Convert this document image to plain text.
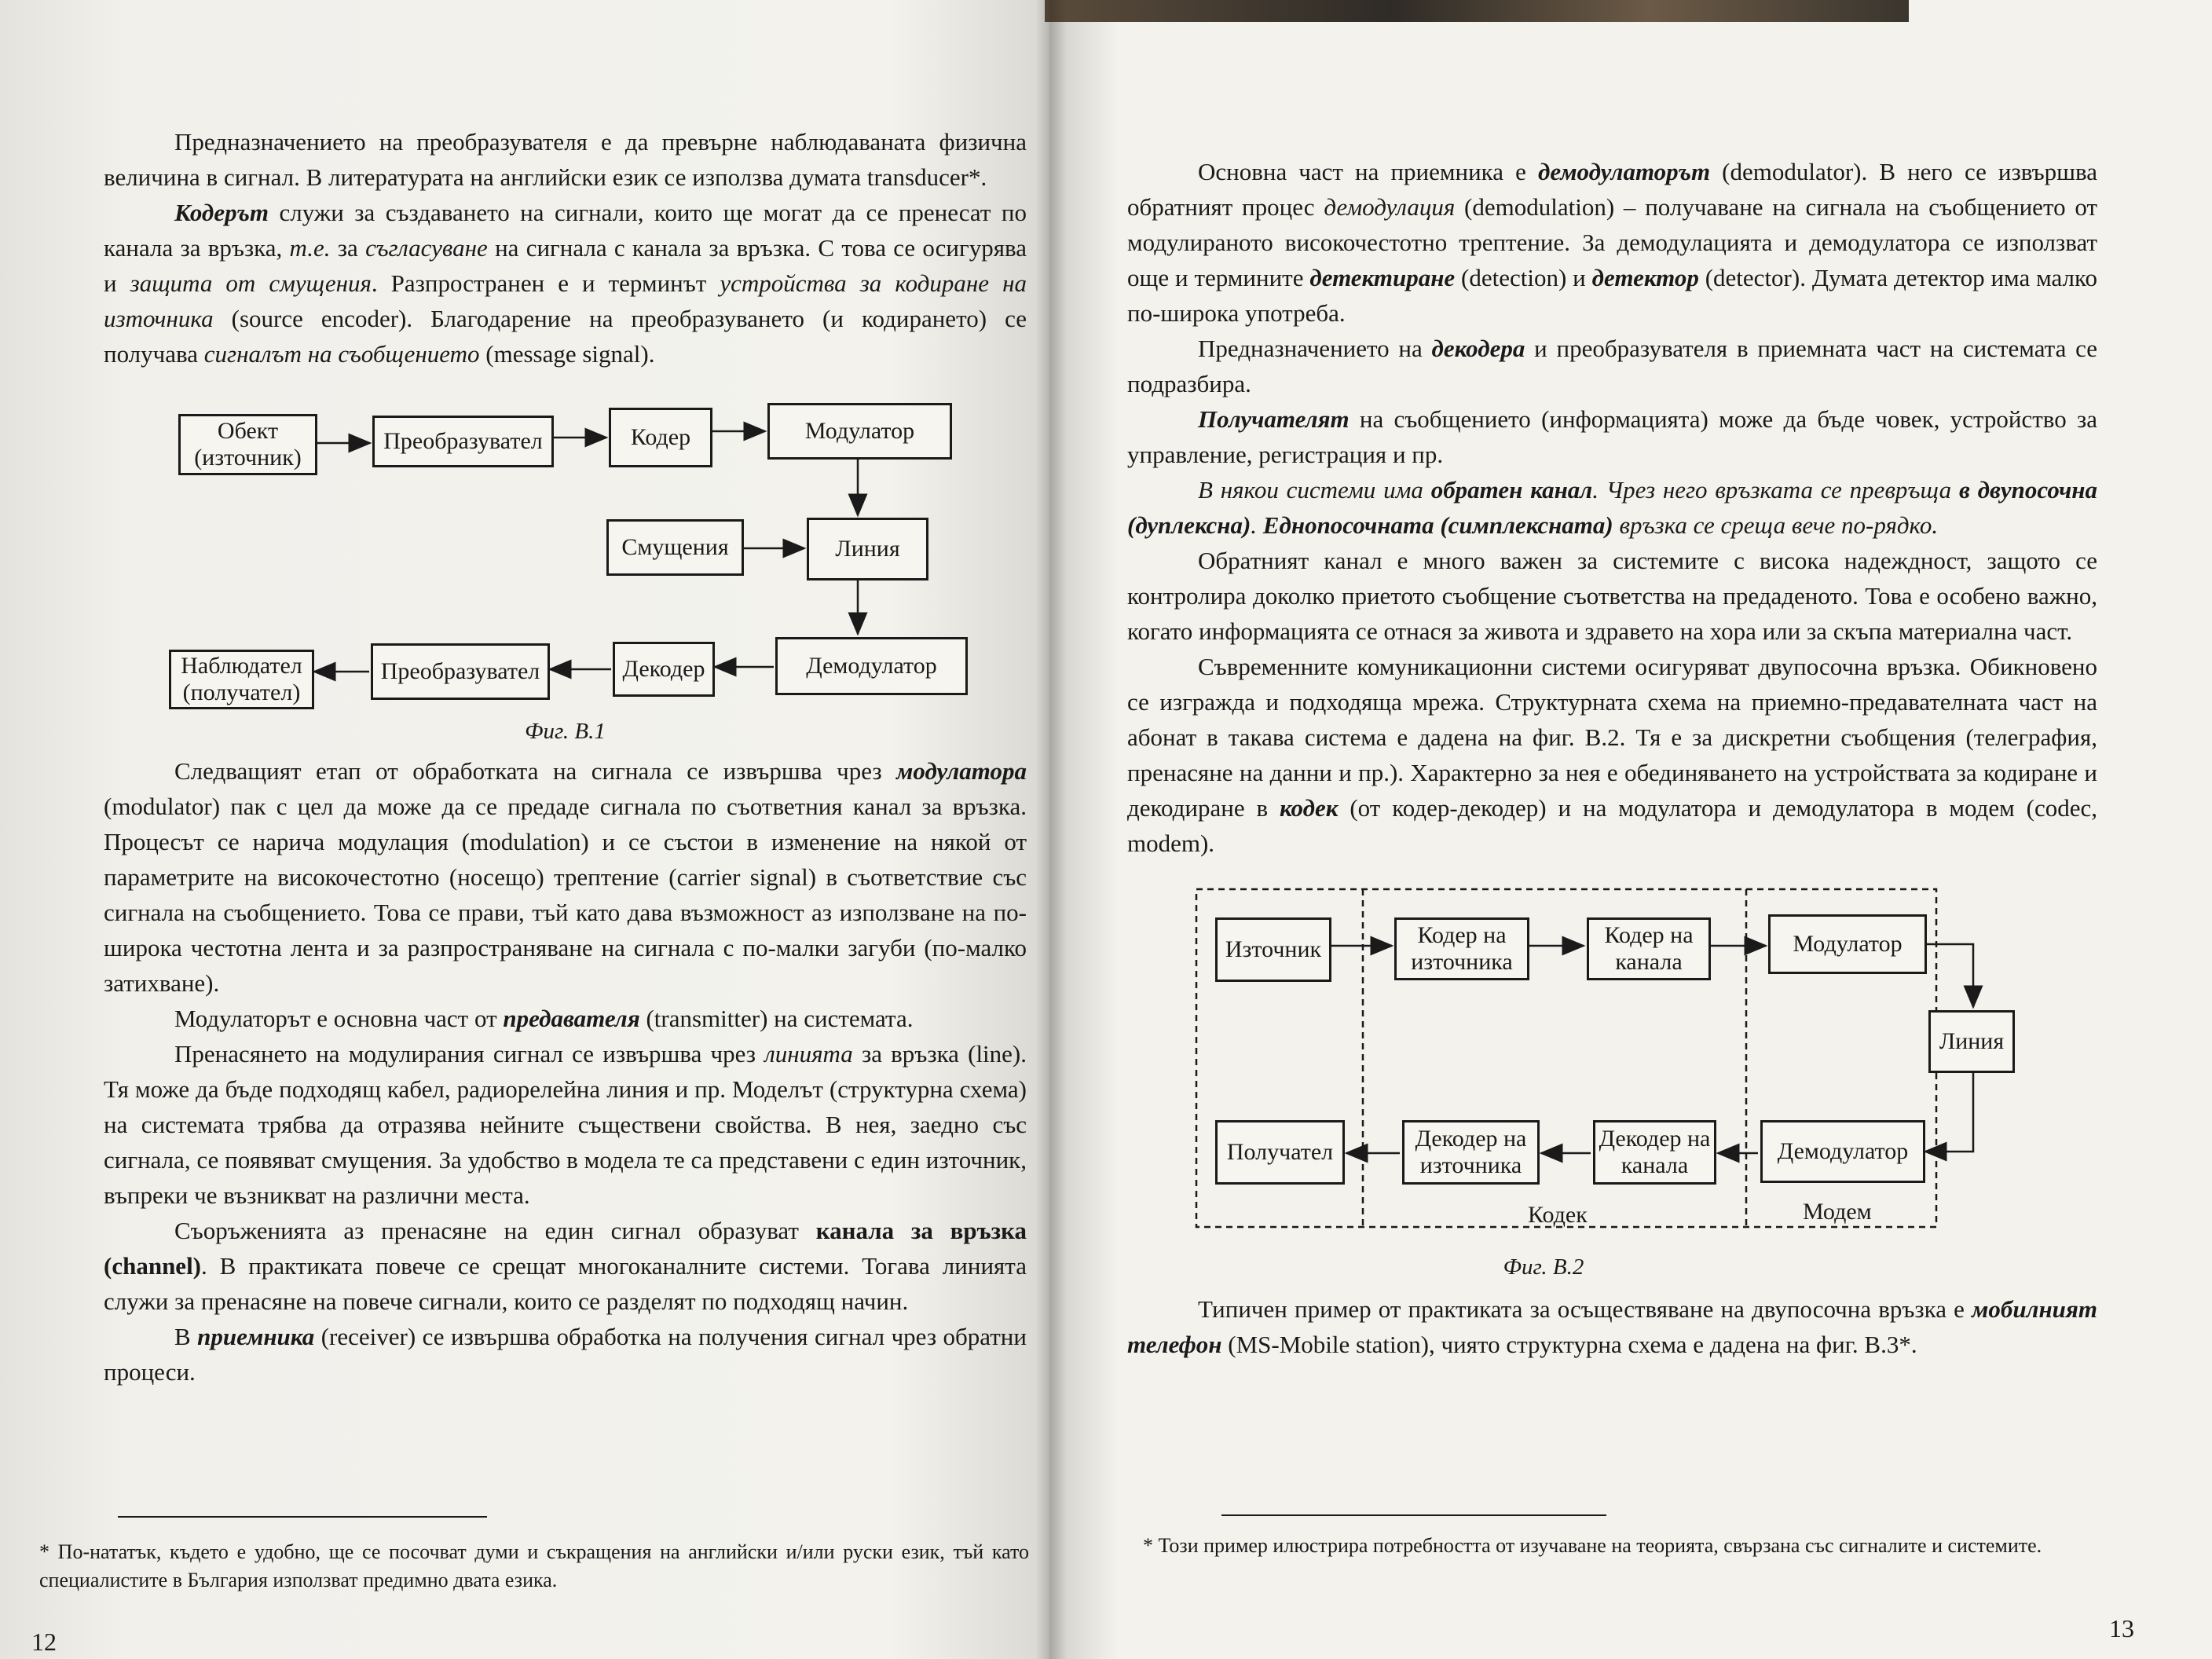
Предназначението на преобразувателя е да превърне наблюдаваната физична величина в сигнал. В литературата на английски език се използва думата transducer*.

Кодерът служи за създаването на сигнали, които ще могат да се пренесат по канала за връзка, т.е. за съгласуване на сигнала с канала за връзка. С това се осигурява и защита от смущения. Разпространен е и терминът устройства за кодиране на източника (source encoder). Благодарение на преобразуването (и кодирането) се получава сигналът на съобщението (message signal).

Обект (източник)
Преобразувател	Кодер	Модулатор
Смущения	Линия
Демодулатор
Декодер
Преобразувател
Наблюдател (получател)
Фиг. В.1

Следващият етап от обработката на сигнала се извършва чрез модулатора (modulator) пак с цел да може да се предаде сигнала по съответния канал за връзка. Процесът се нарича модулация (modulation) и се състои в изменение на някой от параметрите на високочестотно (носещо) трептение (carrier signal) в съответствие със сигнала на съобщението. Това се прави, тъй като дава възможност аз използване на по-широка честотна лента и за разпространяване на сигнала с по-малки загуби (по-малко затихване).

Модулаторът е основна част от предавателя (transmitter) на системата.

Пренасянето на модулирания сигнал се извършва чрез линията за връзка (line). Тя може да бъде подходящ кабел, радиорелейна линия и пр. Моделът (структурна схема) на системата трябва да отразява нейните съществени свойства. В нея, заедно със сигнала, се появяват смущения. За удобство в модела те са представени с един източник, въпреки че възникват на различни места.

Съоръженията аз пренасяне на един сигнал образуват канала за връзка (channel). В практиката повече се срещат многоканалните системи. Тогава линията служи за пренасяне на повече сигнали, които се разделят по подходящ начин.

В приемника (receiver) се извършва обработка на получения сигнал чрез обратни процеси.

* По-нататък, където е удобно, ще се посочват думи и съкращения на английски и/или руски език, тъй като специалистите в България използват предимно двата езика.
12

Основна част на приемника е демодулаторът (demodulator). В него се извършва обратният процес демодулация (demodulation) – получаване на сигнала на съобщението от модулираното високочестотно трептение. За демодулацията и демодулатора се използват още и термините детектиране (detection) и детектор (detector). Думата детектор има малко по-широка употреба.

Предназначението на декодера и преобразувателя в приемната част на системата се подразбира.

Получателят на съобщението (информацията) може да бъде човек, устройство за управление, регистрация и пр.

В някои системи има обратен канал. Чрез него връзката се превръща в двупосочна (дуплексна). Еднопосочната (симплексната) връзка се среща вече по-рядко.

Обратният канал е много важен за системите с висока надеждност, защото се контролира доколко приетото съобщение съответства на предаденото. Това е особено важно, когато информацията се отнася за живота и здравето на хора или за скъпа материална част.

Съвременните комуникационни системи осигуряват двупосочна връзка. Обикновено се изгражда и подходяща мрежа. Структурната схема на приемно-предавателната част на абонат в такава система е дадена на фиг. В.2. Тя е за дискретни съобщения (телеграфия, пренасяне на данни и пр.). Характерно за нея е обединяването на устройствата за кодиране и декодиране в кодек (от кодер-декодер) и на модулатора и демодулатора в модем (codec, modem).

Източник
Кодер на източника
Кодер на канала
Модулатор
Линия
Получател
Декодер на източника
Декодер на канала
Демодулатор
Кодек	Модем
Фиг. В.2

Типичен пример от практиката за осъществяване на двупосочна връзка е мобилният телефон (MS-Mobile station), чиято структурна схема е дадена на фиг. В.3*.

* Този пример илюстрира потребността от изучаване на теорията, свързана със сигналите и системите.
13
